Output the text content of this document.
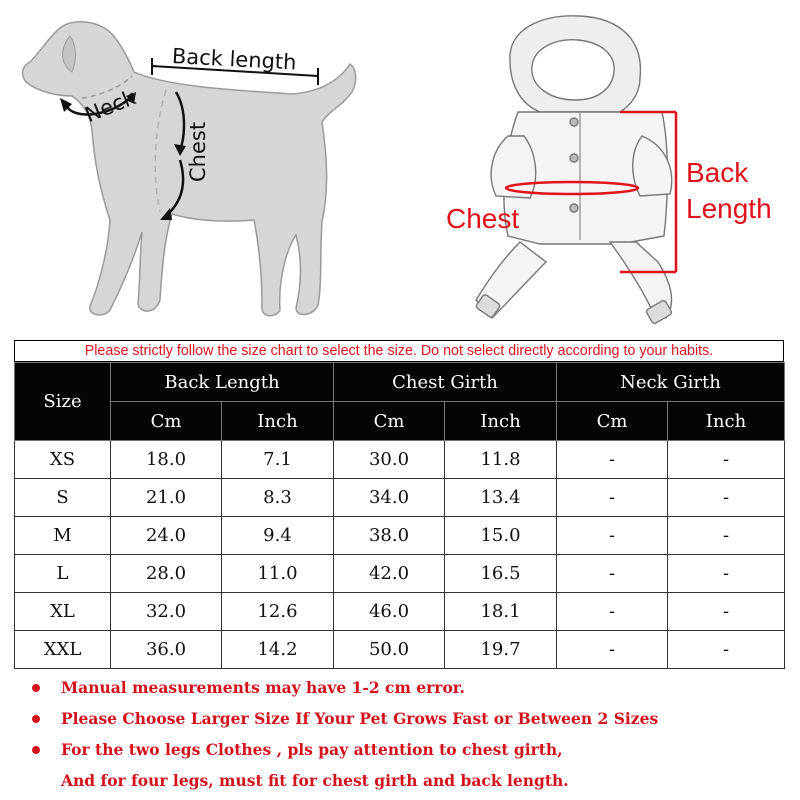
Back length
Neck
Chest
Chest
Back
Length
Please strictly follow the size chart to select the size. Do not select directly according to your habits.
Size	Back Length		Chest Girth		Neck Girth	
	Cm	Inch	Cm	Inch	Cm	Inch
XS	18.0	7.1	30.0	11.8	-	-
S	21.0	8.3	34.0	13.4	-	-
M	24.0	9.4	38.0	15.0	-	-
L	28.0	11.0	42.0	16.5	-	-
XL	32.0	12.6	46.0	18.1	-	-
XXL	36.0	14.2	50.0	19.7	-	-
Manual measurements may have 1-2 cm error.
Please Choose Larger Size If Your Pet Grows Fast or Between 2 Sizes
For the two legs Clothes , pls pay attention to chest girth,
And for four legs, must fit for chest girth and back length.
